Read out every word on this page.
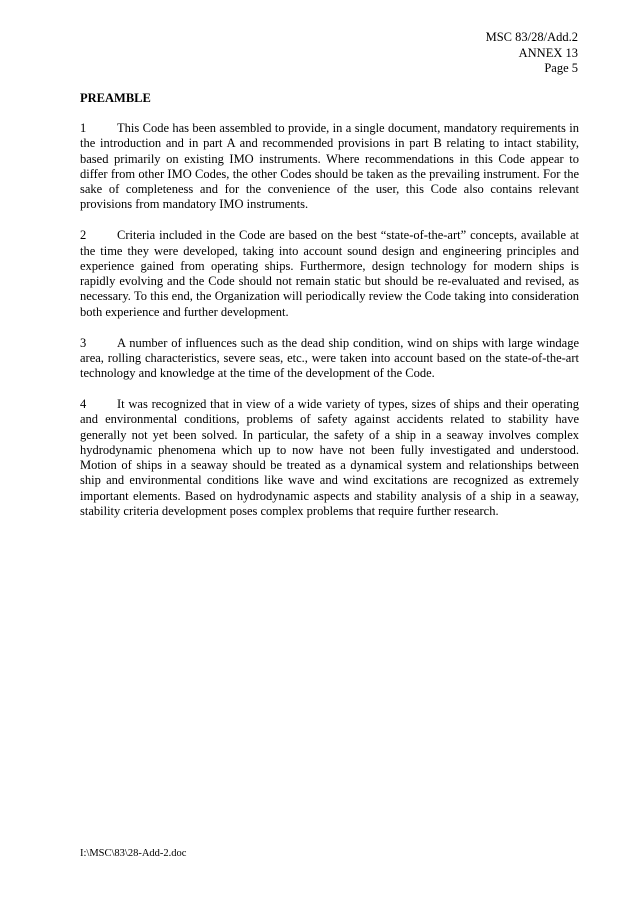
MSC 83/28/Add.2
ANNEX 13
Page 5
PREAMBLE

1 This Code has been assembled to provide, in a single document, mandatory requirements in the introduction and in part A and recommended provisions in part B relating to intact stability, based primarily on existing IMO instruments. Where recommendations in this Code appear to differ from other IMO Codes, the other Codes should be taken as the prevailing instrument. For the sake of completeness and for the convenience of the user, this Code also contains relevant provisions from mandatory IMO instruments.

2 Criteria included in the Code are based on the best “state-of-the-art” concepts, available at the time they were developed, taking into account sound design and engineering principles and experience gained from operating ships. Furthermore, design technology for modern ships is rapidly evolving and the Code should not remain static but should be re-evaluated and revised, as necessary. To this end, the Organization will periodically review the Code taking into consideration both experience and further development.

3 A number of influences such as the dead ship condition, wind on ships with large windage area, rolling characteristics, severe seas, etc., were taken into account based on the state-of-the-art technology and knowledge at the time of the development of the Code.

4 It was recognized that in view of a wide variety of types, sizes of ships and their operating and environmental conditions, problems of safety against accidents related to stability have generally not yet been solved. In particular, the safety of a ship in a seaway involves complex hydrodynamic phenomena which up to now have not been fully investigated and understood. Motion of ships in a seaway should be treated as a dynamical system and relationships between ship and environmental conditions like wave and wind excitations are recognized as extremely important elements. Based on hydrodynamic aspects and stability analysis of a ship in a seaway, stability criteria development poses complex problems that require further research.

I:\MSC\83\28-Add-2.doc
